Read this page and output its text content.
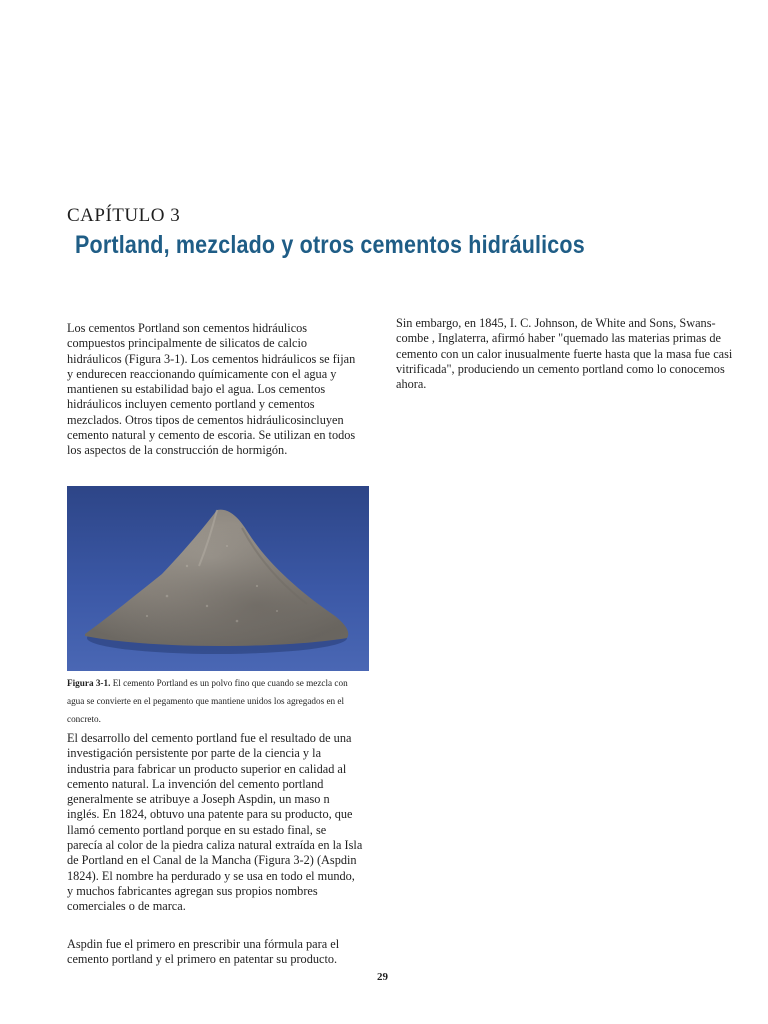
CAPÍTULO 3
Portland, mezclado y otros cementos hidráulicos

Los cementos Portland son cementos hidráulicos compuestos principalmente de silicatos de calcio hidráulicos (Figura 3-1). Los cementos hidráulicos se fijan y endurecen reaccionando químicamente con el agua y mantienen su estabilidad bajo el agua. Los cementos hidráulicos incluyen cemento portland y cementos mezclados. Otros tipos de cementos hidráulicosincluyen cemento natural y cemento de escoria. Se utilizan en todos los aspectos de la construcción de hormigón.

Figura 3-1. El cemento Portland es un polvo fino que cuando se mezcla con agua se convierte en el pegamento que mantiene unidos los agregados en el concreto.

El desarrollo del cemento portland fue el resultado de una investigación persistente por parte de la ciencia y la industria para fabricar un producto superior en calidad al cemento natural. La invención del cemento portland generalmente se atribuye a Joseph Aspdin, un maso n inglés. En 1824, obtuvo una patente para su producto, que llamó cemento portland porque en su estado final, se parecía al color de la piedra caliza natural extraída en la Isla de Portland en el Canal de la Mancha (Figura 3-2) (Aspdin 1824). El nombre ha perdurado y se usa en todo el mundo, y muchos fabricantes agregan sus propios nombres comerciales o de marca.

Aspdin fue el primero en prescribir una fórmula para el cemento portland y el primero en patentar su producto.

Sin embargo, en 1845, I. C. Johnson, de White and Sons, Swans-combe , Inglaterra, afirmó haber "quemado las materias primas de cemento con un calor inusualmente fuerte hasta que la masa fue casi vitrificada", produciendo un cemento portland como lo conocemos ahora.

29
